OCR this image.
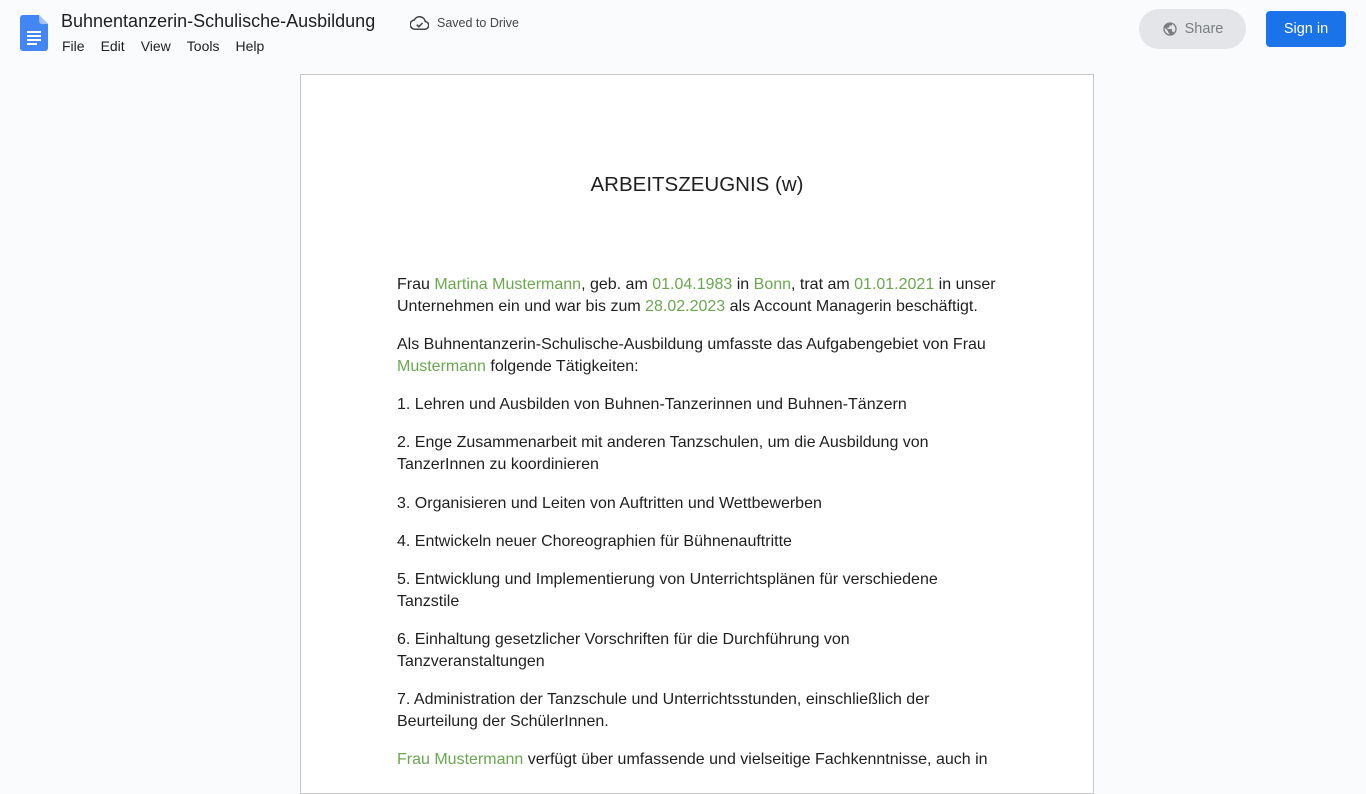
Buhnentanzerin-Schulische-Ausbildung	Saved to Drive
File	Edit	View	Tools	Help
Share	Sign in
ARBEITSZEUGNIS (w)

Frau Martina Mustermann, geb. am 01.04.1983 in Bonn, trat am 01.01.2021 in unser Unternehmen ein und war bis zum 28.02.2023 als Account Managerin beschäftigt.

Als Buhnentanzerin-Schulische-Ausbildung umfasste das Aufgabengebiet von Frau Mustermann folgende Tätigkeiten:

1. Lehren und Ausbilden von Buhnen-Tanzerinnen und Buhnen-Tänzern

2. Enge Zusammenarbeit mit anderen Tanzschulen, um die Ausbildung von TanzerInnen zu koordinieren

3. Organisieren und Leiten von Auftritten und Wettbewerben

4. Entwickeln neuer Choreographien für Bühnenauftritte

5. Entwicklung und Implementierung von Unterrichtsplänen für verschiedene Tanzstile

6. Einhaltung gesetzlicher Vorschriften für die Durchführung von Tanzveranstaltungen

7. Administration der Tanzschule und Unterrichtsstunden, einschließlich der Beurteilung der SchülerInnen.

Frau Mustermann verfügt über umfassende und vielseitige Fachkenntnisse, auch in
